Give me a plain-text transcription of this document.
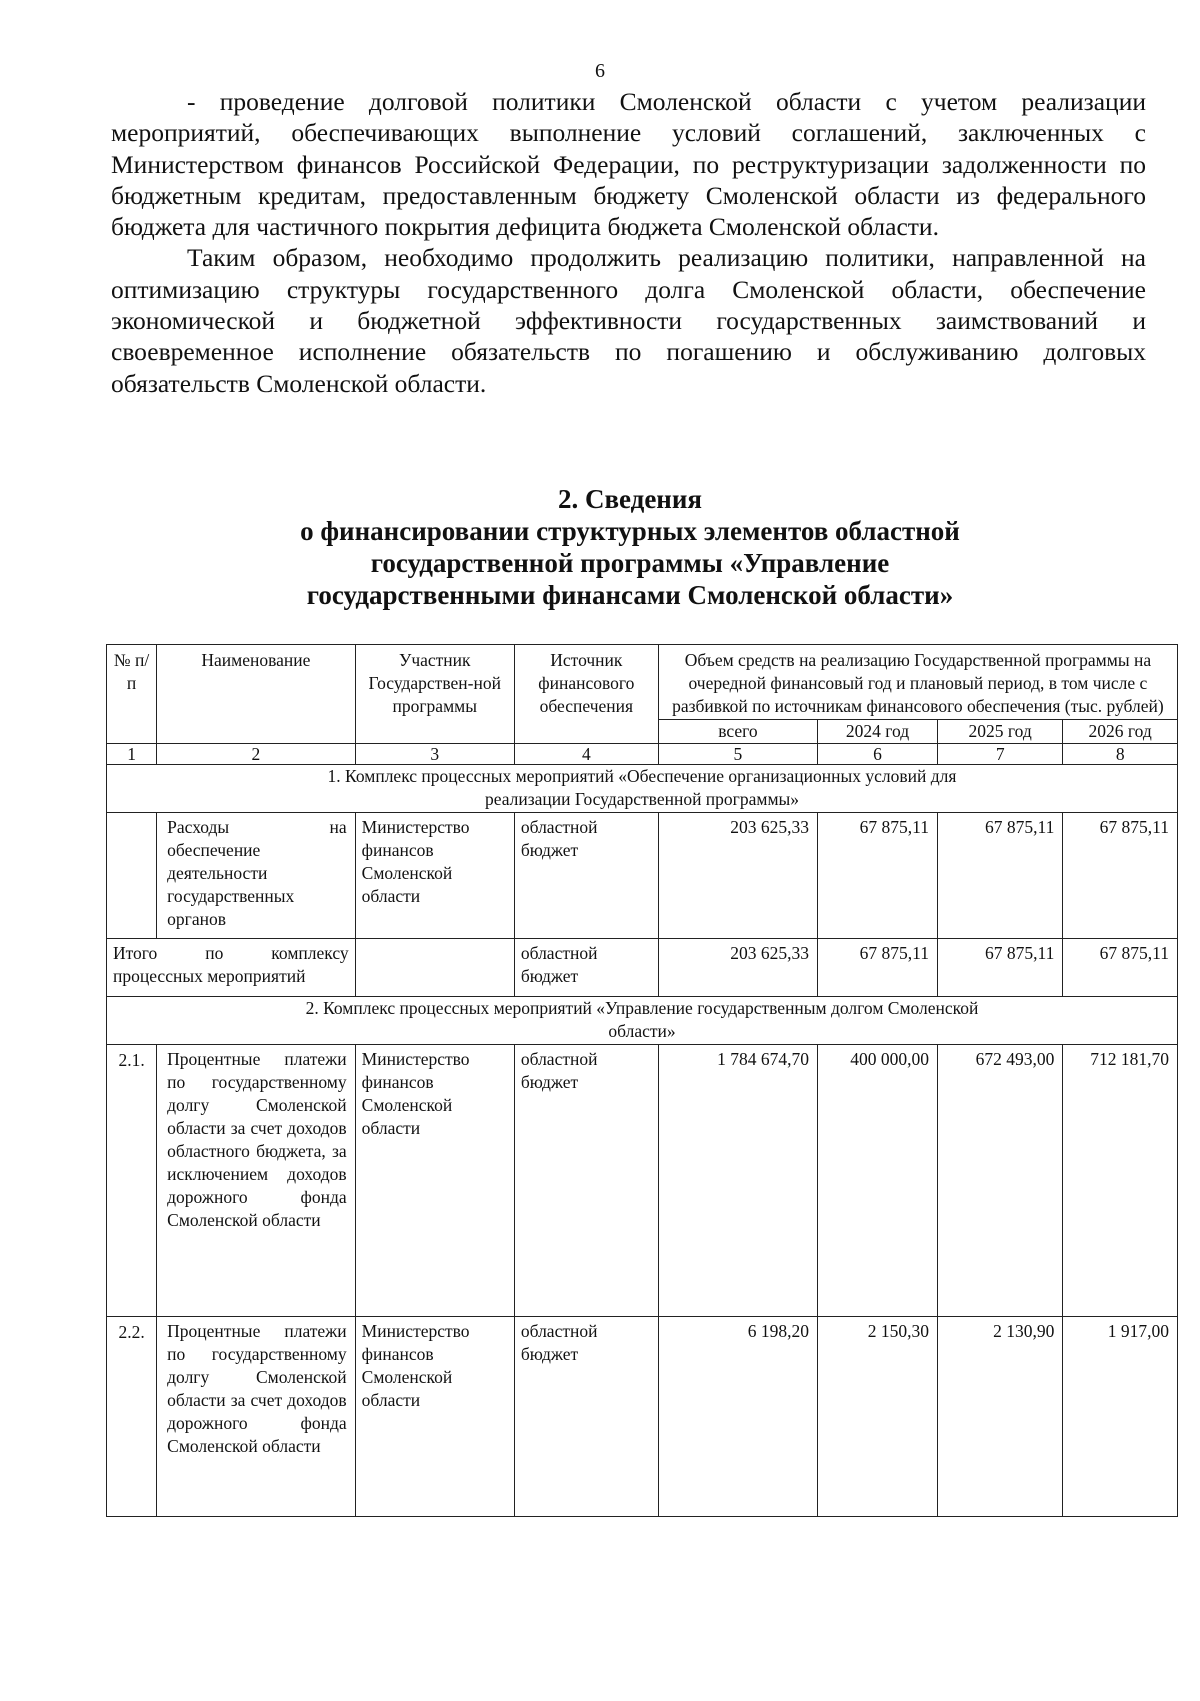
6

- проведение долговой политики Смоленской области с учетом реализации мероприятий, обеспечивающих выполнение условий соглашений, заключенных с Министерством финансов Российской Федерации, по реструктуризации задолженности по бюджетным кредитам, предоставленным бюджету Смоленской области из федерального бюджета для частичного покрытия дефицита бюджета Смоленской области.

Таким образом, необходимо продолжить реализацию политики, направленной на оптимизацию структуры государственного долга Смоленской области, обеспечение экономической и бюджетной эффективности государственных заимствований и своевременное исполнение обязательств по погашению и обслуживанию долговых обязательств Смоленской области.

2. Сведения
о финансировании структурных элементов областной
государственной программы «Управление
государственными финансами Смоленской области»
№ п/п	Наименование	Участник Государствен-ной программы	Источник финансового обеспечения	Объем средств на реализацию Государственной программы на очередной финансовый год и плановый период, в том числе с разбивкой по источникам финансового обеспечения (тыс. рублей)			
				всего	2024 год	2025 год	2026 год
1	2	3	4	5	6	7	8

1. Комплекс процессных мероприятий «Обеспечение организационных условий для реализации Государственной программы»							

	Расходы на обеспечение деятельности государственных органов	Министерство финансов Смоленской области	областной бюджет	203 625,33	67 875,11	67 875,11	67 875,11
Итого по комплексу процессных мероприятий			областной бюджет	203 625,33	67 875,11	67 875,11	67 875,11

2. Комплекс процессных мероприятий «Управление государственным долгом Смоленской области»							

2.1.	Процентные платежи по государственному долгу Смоленской области за счет доходов областного бюджета, за исключением доходов дорожного фонда Смоленской области	Министерство финансов Смоленской области	областной бюджет	1 784 674,70	400 000,00	672 493,00	712 181,70
2.2.	Процентные платежи по государственному долгу Смоленской области за счет доходов дорожного фонда Смоленской области	Министерство финансов Смоленской области	областной бюджет	6 198,20	2 150,30	2 130,90	1 917,00
